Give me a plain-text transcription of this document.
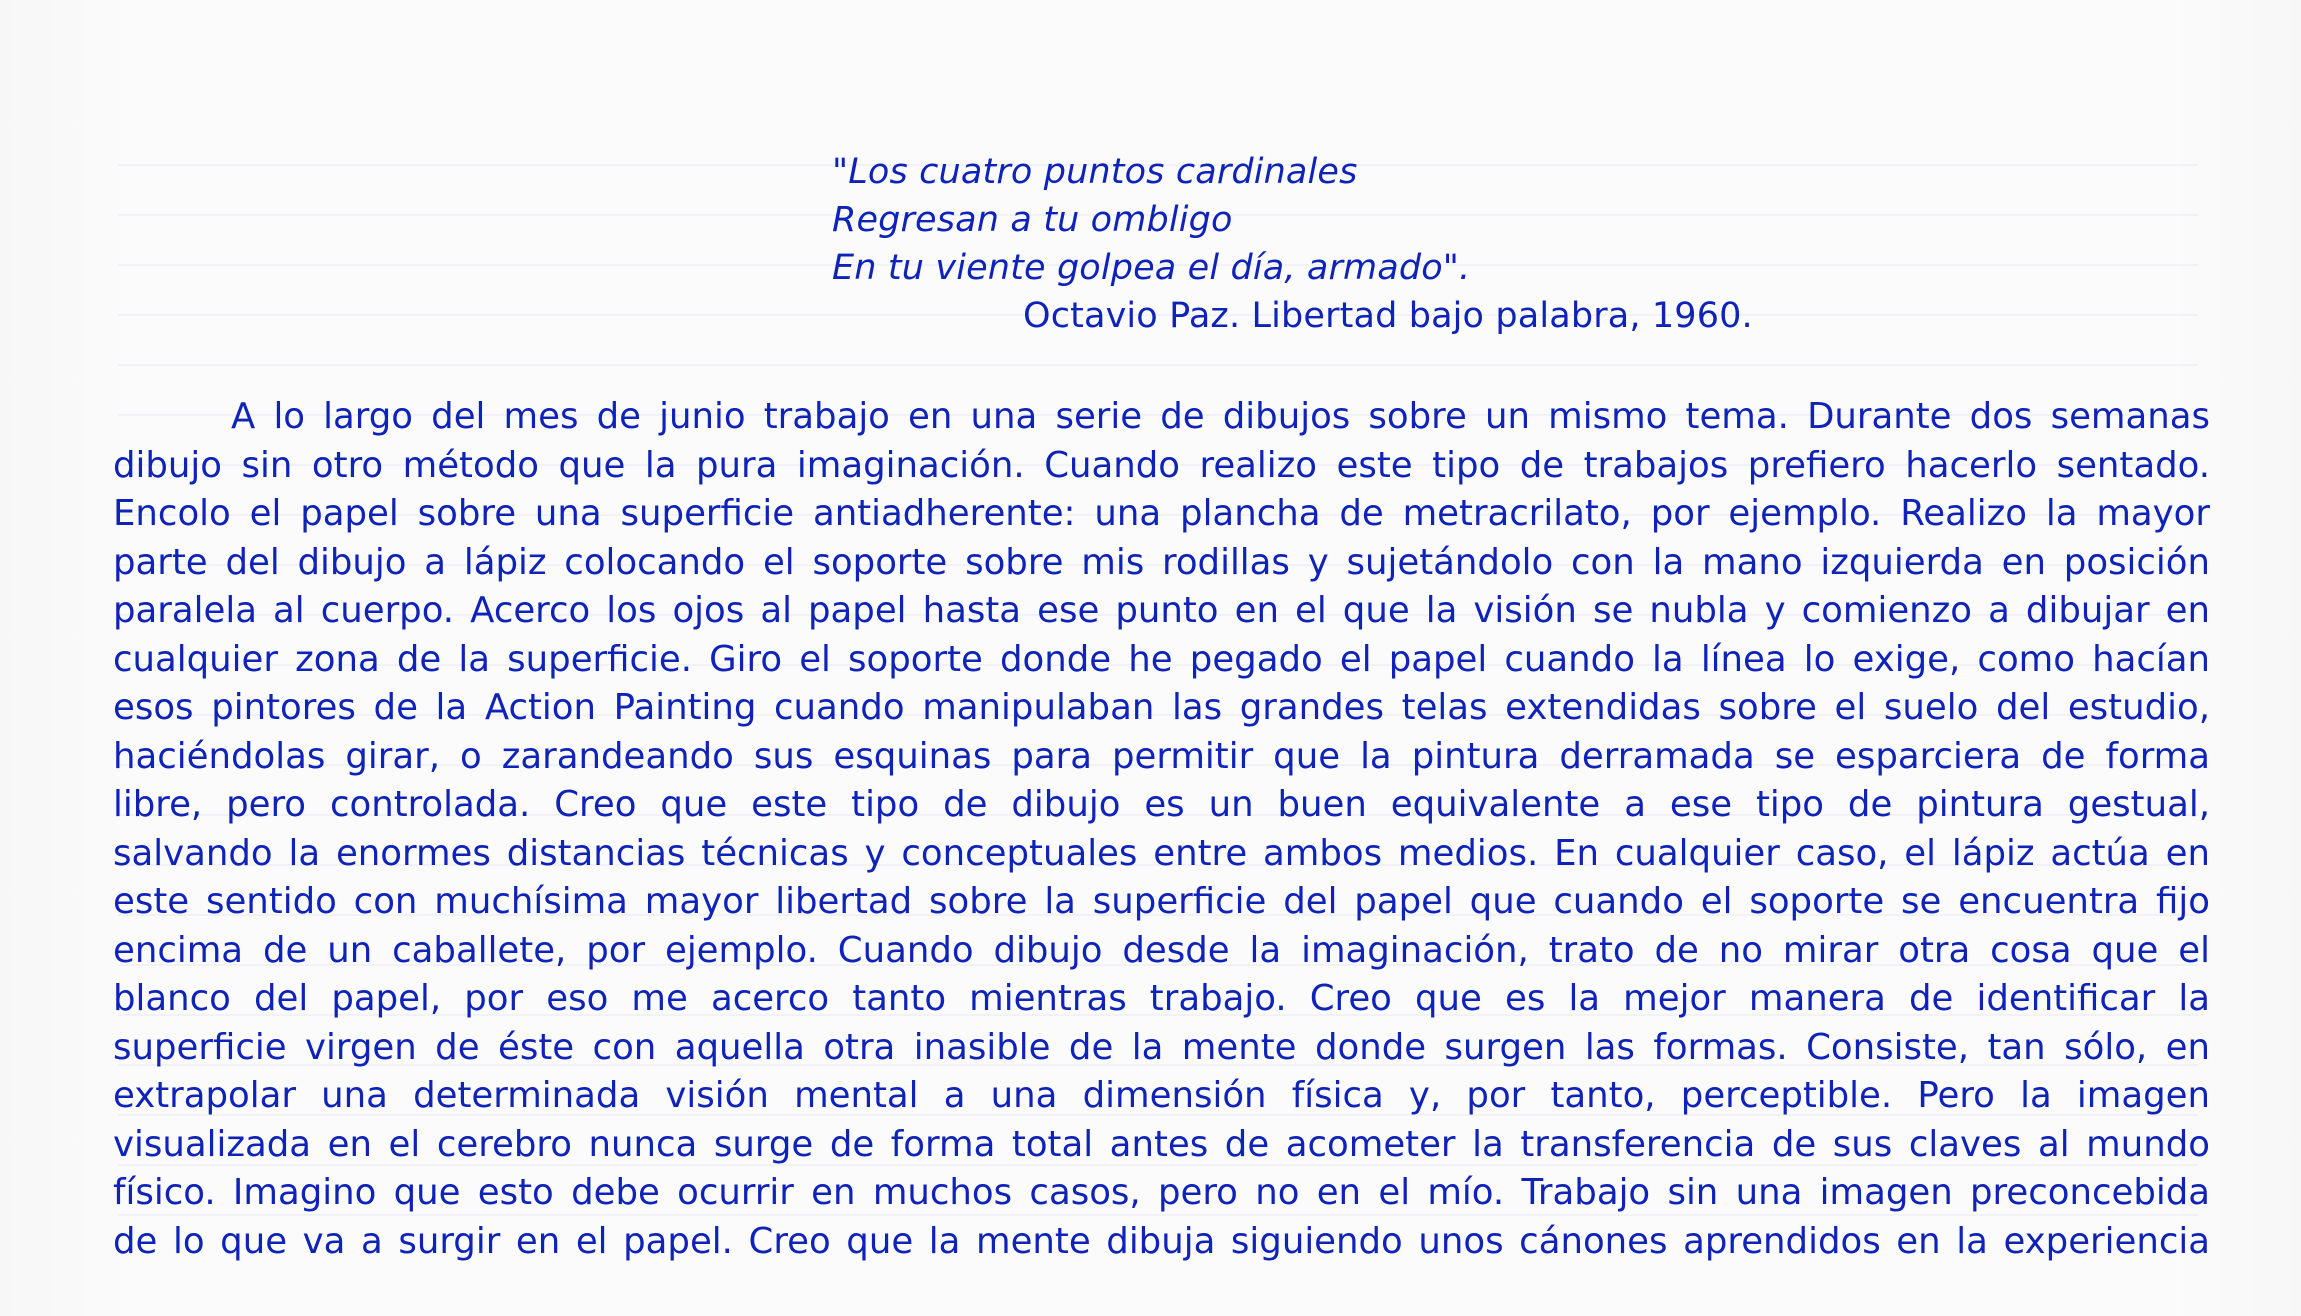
"Los cuatro puntos cardinales
Regresan a tu ombligo
En tu viente golpea el día, armado".
Octavio Paz. Libertad bajo palabra, 1960.
A lo largo del mes de junio trabajo en una serie de dibujos sobre un mismo tema. Durante dos semanas
dibujo sin otro método que la pura imaginación. Cuando realizo este tipo de trabajos prefiero hacerlo sentado.
Encolo el papel sobre una superficie antiadherente: una plancha de metracrilato, por ejemplo. Realizo la mayor
parte del dibujo a lápiz colocando el soporte sobre mis rodillas y sujetándolo con la mano izquierda en posición
paralela al cuerpo. Acerco los ojos al papel hasta ese punto en el que la visión se nubla y comienzo a dibujar en
cualquier zona de la superficie. Giro el soporte donde he pegado el papel cuando la línea lo exige, como hacían
esos pintores de la Action Painting cuando manipulaban las grandes telas extendidas sobre el suelo del estudio,
haciéndolas girar, o zarandeando sus esquinas para permitir que la pintura derramada se esparciera de forma
libre, pero controlada. Creo que este tipo de dibujo es un buen equivalente a ese tipo de pintura gestual,
salvando la enormes distancias técnicas y conceptuales entre ambos medios. En cualquier caso, el lápiz actúa en
este sentido con muchísima mayor libertad sobre la superficie del papel que cuando el soporte se encuentra fijo
encima de un caballete, por ejemplo. Cuando dibujo desde la imaginación, trato de no mirar otra cosa que el
blanco del papel, por eso me acerco tanto mientras trabajo. Creo que es la mejor manera de identificar la
superficie virgen de éste con aquella otra inasible de la mente donde surgen las formas. Consiste, tan sólo, en
extrapolar una determinada visión mental a una dimensión física y, por tanto, perceptible. Pero la imagen
visualizada en el cerebro nunca surge de forma total antes de acometer la transferencia de sus claves al mundo
físico. Imagino que esto debe ocurrir en muchos casos, pero no en el mío. Trabajo sin una imagen preconcebida
de lo que va a surgir en el papel. Creo que la mente dibuja siguiendo unos cánones aprendidos en la experiencia
